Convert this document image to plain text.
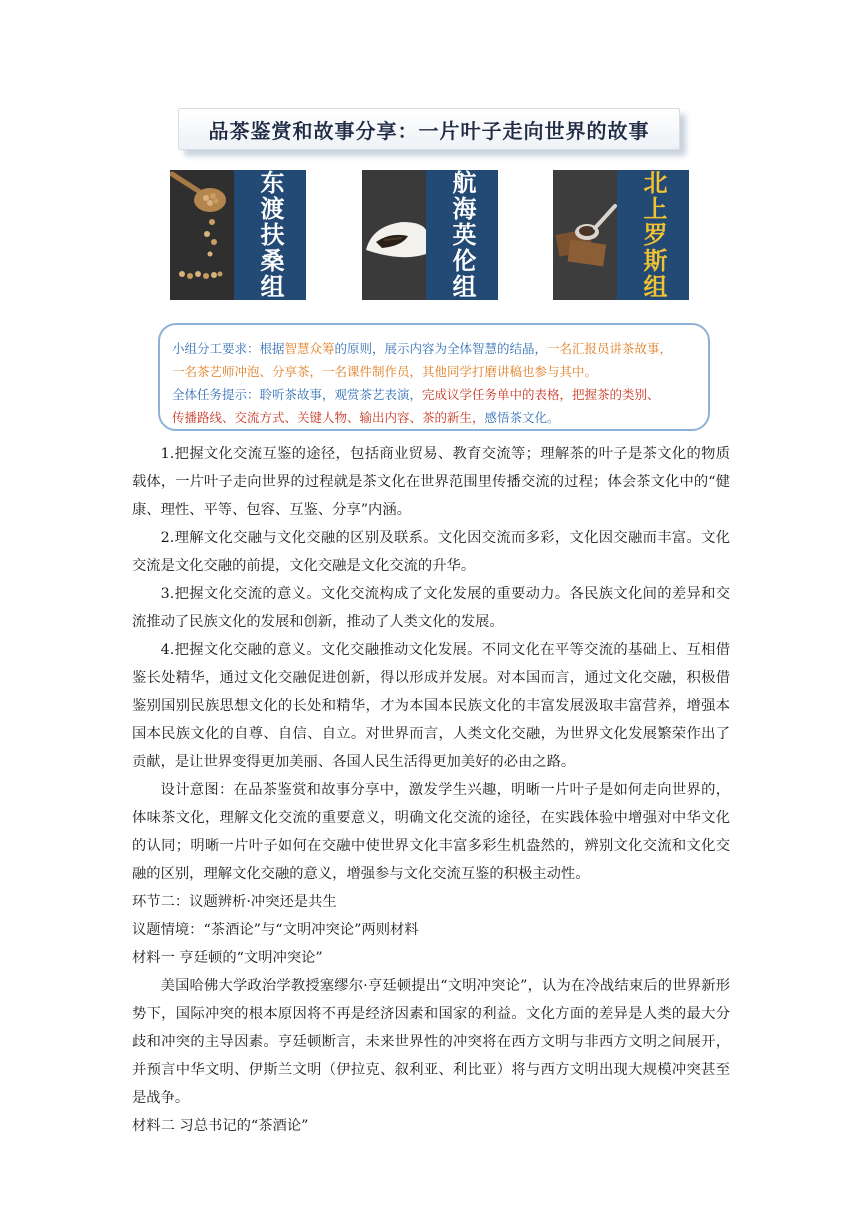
品茶鉴赏和故事分享：一片叶子走向世界的故事
东渡扶桑组	航海英伦组	北上罗斯组
小组分工要求：根据智慧众筹的原则，展示内容为全体智慧的结晶，一名汇报员讲茶故事，
一名茶艺师冲泡、分享茶，一名课件制作员，其他同学打磨讲稿也参与其中。
全体任务提示：聆听茶故事，观赏茶艺表演，完成议学任务单中的表格，把握茶的类别、
传播路线、交流方式、关键人物、输出内容、茶的新生，感悟茶文化。

1.把握文化交流互鉴的途径，包括商业贸易、教育交流等；理解茶的叶子是茶文化的物质载体，一片叶子走向世界的过程就是茶文化在世界范围里传播交流的过程；体会茶文化中的“健康、理性、平等、包容、互鉴、分享”内涵。

2.理解文化交融与文化交融的区别及联系。文化因交流而多彩，文化因交融而丰富。文化交流是文化交融的前提，文化交融是文化交流的升华。

3.把握文化交流的意义。文化交流构成了文化发展的重要动力。各民族文化间的差异和交流推动了民族文化的发展和创新，推动了人类文化的发展。

4.把握文化交融的意义。文化交融推动文化发展。不同文化在平等交流的基础上、互相借鉴长处精华，通过文化交融促进创新，得以形成并发展。对本国而言，通过文化交融，积极借鉴别国别民族思想文化的长处和精华，才为本国本民族文化的丰富发展汲取丰富营养，增强本国本民族文化的自尊、自信、自立。对世界而言，人类文化交融，为世界文化发展繁荣作出了贡献，是让世界变得更加美丽、各国人民生活得更加美好的必由之路。

设计意图：在品茶鉴赏和故事分享中，激发学生兴趣，明晰一片叶子是如何走向世界的，体味茶文化，理解文化交流的重要意义，明确文化交流的途径，在实践体验中增强对中华文化的认同；明晰一片叶子如何在交融中使世界文化丰富多彩生机盎然的，辨别文化交流和文化交融的区别，理解文化交融的意义，增强参与文化交流互鉴的积极主动性。

环节二：议题辨析·冲突还是共生

议题情境：“茶酒论”与“文明冲突论”两则材料

材料一 亨廷顿的“文明冲突论”

美国哈佛大学政治学教授塞缪尔·亨廷顿提出“文明冲突论”，认为在冷战结束后的世界新形势下，国际冲突的根本原因将不再是经济因素和国家的利益。文化方面的差异是人类的最大分歧和冲突的主导因素。亨廷顿断言，未来世界性的冲突将在西方文明与非西方文明之间展开，并预言中华文明、伊斯兰文明（伊拉克、叙利亚、利比亚）将与西方文明出现大规模冲突甚至是战争。

材料二 习总书记的“茶酒论”
